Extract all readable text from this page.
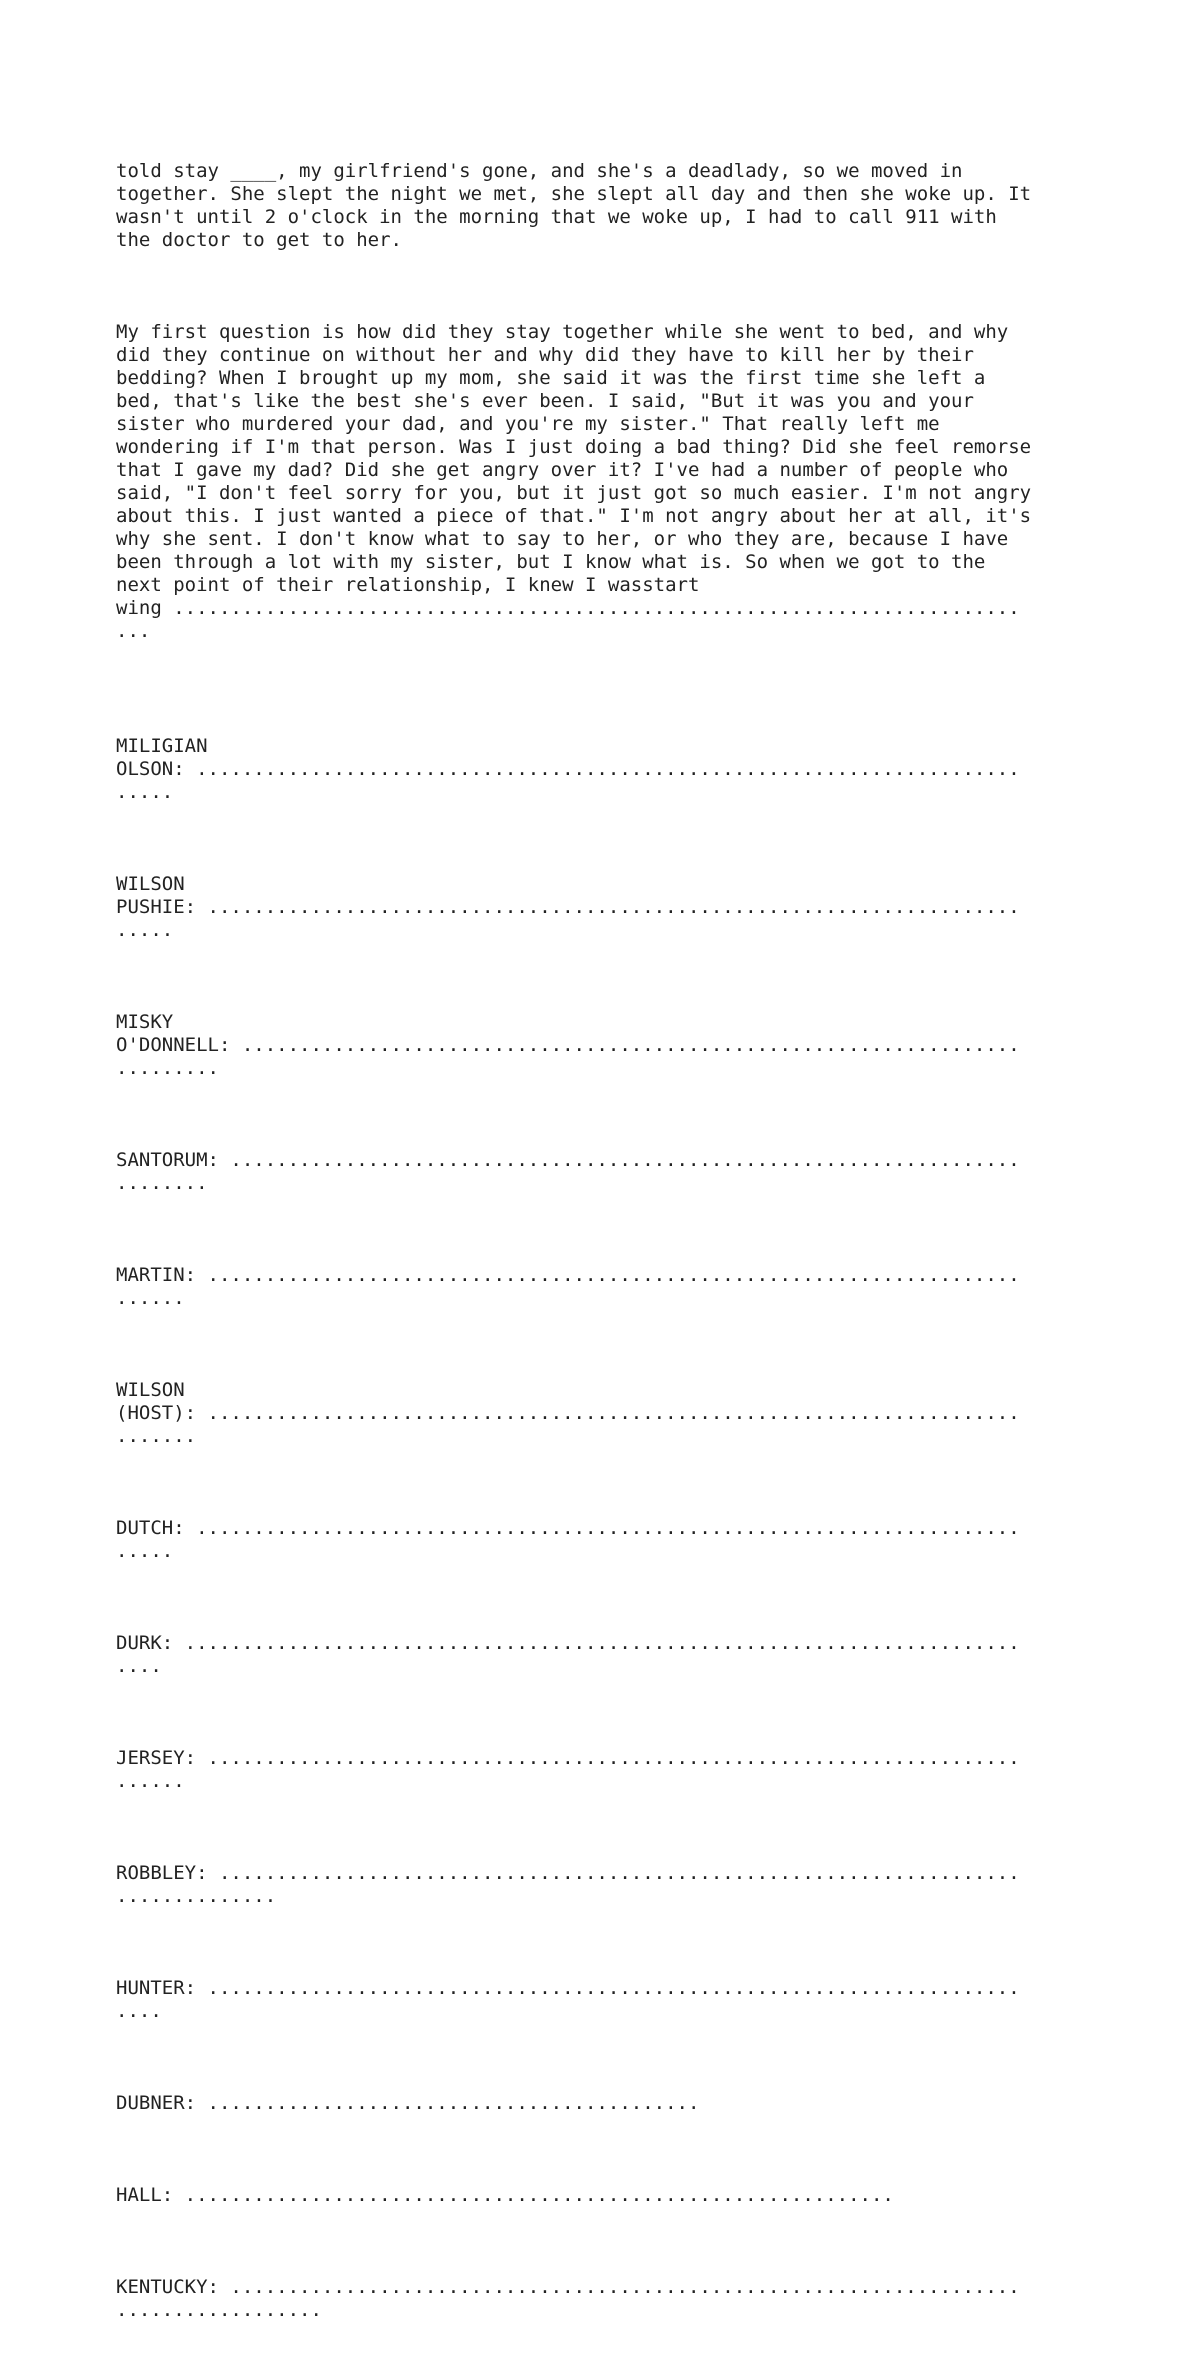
told stay ____, my girlfriend's gone, and she's a deadlady, so we moved in
together. She slept the night we met, she slept all day and then she woke up. It
wasn't until 2 o'clock in the morning that we woke up, I had to call 911 with
the doctor to get to her.

My first question is how did they stay together while she went to bed, and why
did they continue on without her and why did they have to kill her by their
bedding? When I brought up my mom, she said it was the first time she left a
bed, that's like the best she's ever been. I said, "But it was you and your
sister who murdered your dad, and you're my sister." That really left me
wondering if I'm that person. Was I just doing a bad thing? Did she feel remorse
that I gave my dad? Did she get angry over it? I've had a number of people who
said, "I don't feel sorry for you, but it just got so much easier. I'm not angry
about this. I just wanted a piece of that." I'm not angry about her at all, it's
why she sent. I don't know what to say to her, or who they are, because I have
been through a lot with my sister, but I know what is. So when we got to the
next point of their relationship, I knew I wasstart
wing ..........................................................................
...

MILIGIAN
OLSON: ........................................................................
.....

WILSON
PUSHIE: .......................................................................
.....

MISKY
O'DONNELL: ....................................................................
.........

SANTORUM: .....................................................................
........

MARTIN: .......................................................................
......

WILSON
(HOST): .......................................................................
.......

DUTCH: ........................................................................
.....

DURK: .........................................................................
....

JERSEY: .......................................................................
......

ROBBLEY: ......................................................................
..............

HUNTER: .......................................................................
....

DUBNER: ...........................................

HALL: ..............................................................

KENTUCKY: .....................................................................
..................
